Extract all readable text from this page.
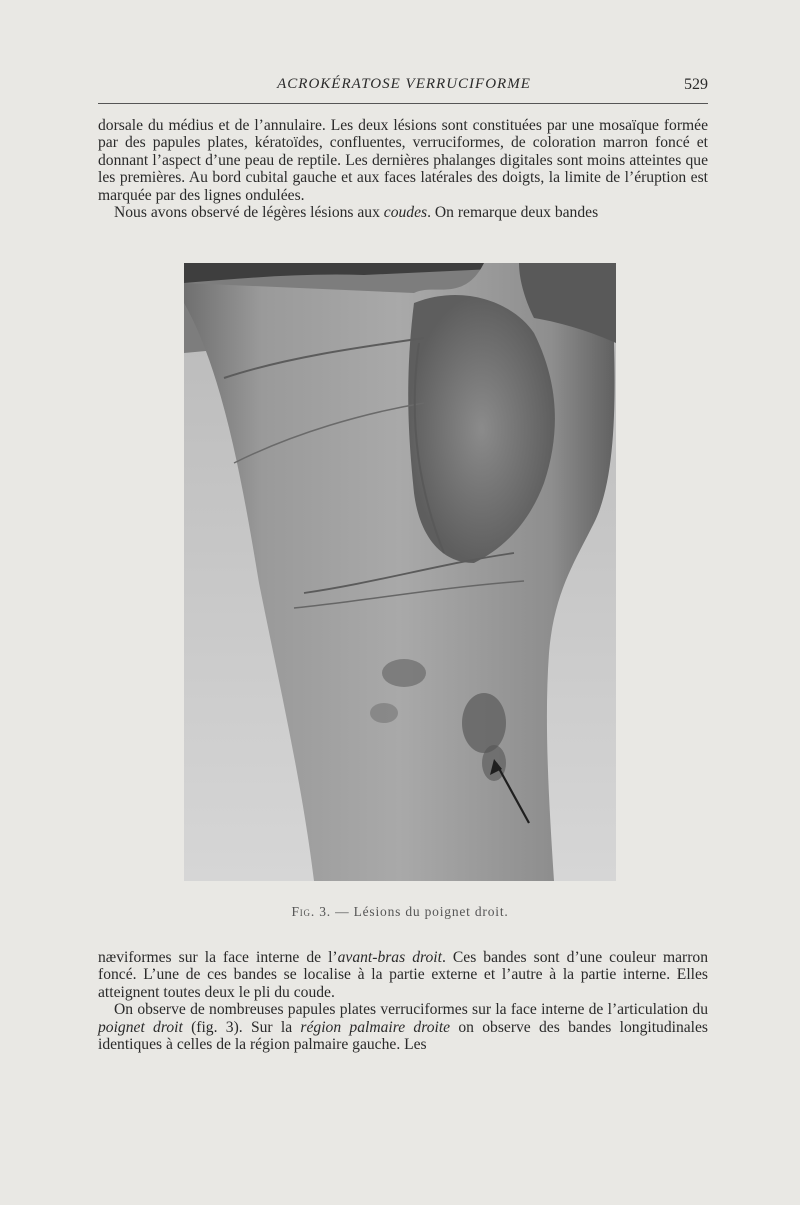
ACROKÉRATOSE VERRUCIFORME	529

dorsale du médius et de l’annulaire. Les deux lésions sont constituées par une mosaïque formée par des papules plates, kératoïdes, confluentes, verruciformes, de coloration marron foncé et donnant l’aspect d’une peau de reptile. Les dernières phalanges digitales sont moins atteintes que les premières. Au bord cubital gauche et aux faces latérales des doigts, la limite de l’éruption est marquée par des lignes ondulées.

Nous avons observé de légères lésions aux coudes. On remarque deux bandes

Fig. 3. — Lésions du poignet droit.

næviformes sur la face interne de l’avant-bras droit. Ces bandes sont d’une couleur marron foncé. L’une de ces bandes se localise à la partie externe et l’autre à la partie interne. Elles atteignent toutes deux le pli du coude.

On observe de nombreuses papules plates verruciformes sur la face interne de l’articulation du poignet droit (fig. 3). Sur la région palmaire droite on observe des bandes longitudinales identiques à celles de la région palmaire gauche. Les
